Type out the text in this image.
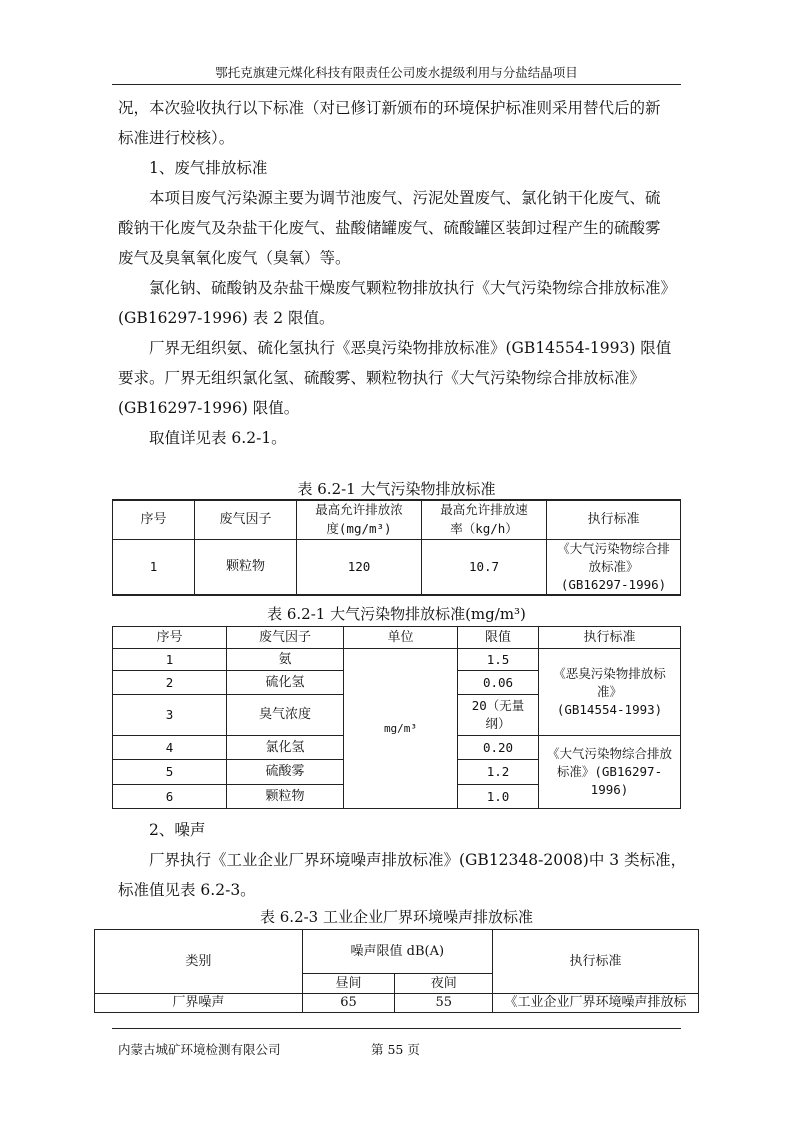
鄂托克旗建元煤化科技有限责任公司废水提级利用与分盐结晶项目
况，本次验收执行以下标准（对已修订新颁布的环境保护标准则采用替代后的新
标准进行校核）。
1、废气排放标准
本项目废气污染源主要为调节池废气、污泥处置废气、氯化钠干化废气、硫
酸钠干化废气及杂盐干化废气、盐酸储罐废气、硫酸罐区装卸过程产生的硫酸雾
废气及臭氧氧化废气（臭氧）等。
氯化钠、硫酸钠及杂盐干燥废气颗粒物排放执行《大气污染物综合排放标准》
(GB16297-1996) 表 2 限值。
厂界无组织氨、硫化氢执行《恶臭污染物排放标准》(GB14554-1993) 限值
要求。厂界无组织氯化氢、硫酸雾、颗粒物执行《大气污染物综合排放标准》
(GB16297-1996) 限值。
取值详见表 6.2-1。
表 6.2-1 大气污染物排放标准
序号	废气因子	最高允许排放浓
度(mg/m³)	最高允许排放速
率（kg/h）	执行标准
1	颗粒物	120	10.7	《大气污染物综合排
放标准》
(GB16297-1996)
表 6.2-1 大气污染物排放标准(mg/m³)
序号	废气因子	单位	限值	执行标准
1	氨	mg/m³	1.5	《恶臭污染物排放标准》
(GB14554-1993)
2	硫化氢		0.06	
3	臭气浓度		20（无量
纲）	
4	氯化氢		0.20	《大气污染物综合排放
标准》(GB16297-1996)
5	硫酸雾		1.2	
6	颗粒物		1.0	
2、噪声
厂界执行《工业企业厂界环境噪声排放标准》(GB12348-2008)中 3 类标准，
标准值见表 6.2-3。
表 6.2-3 工业企业厂界环境噪声排放标准
类别	噪声限值 dB(A)		执行标准
	昼间	夜间	
厂界噪声	65	55	《工业企业厂界环境噪声排放标
内蒙古城矿环境检测有限公司	第 55 页
